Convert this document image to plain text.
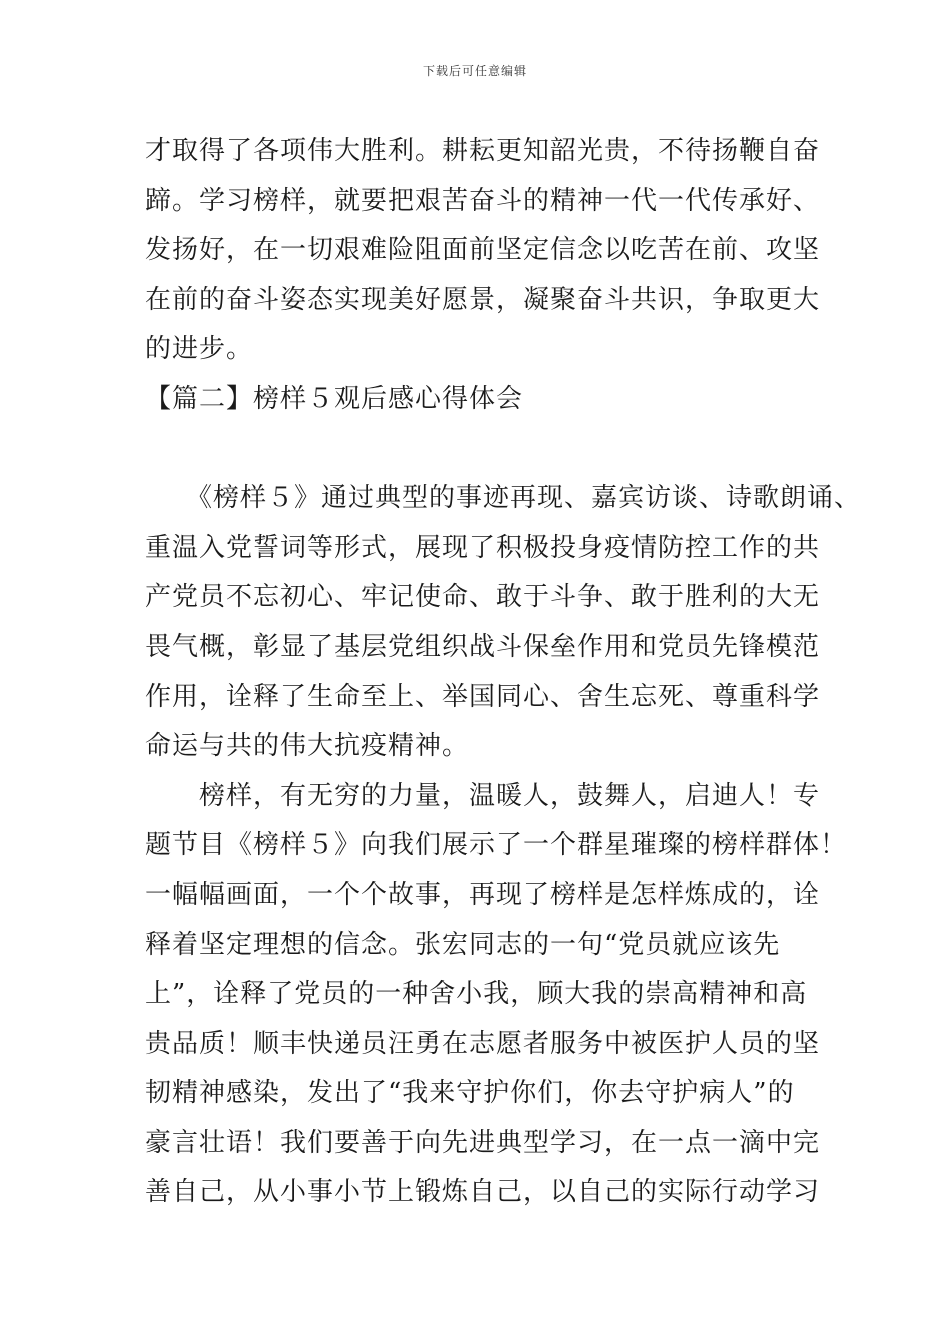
下载后可任意编辑
才取得了各项伟大胜利。耕耘更知韶光贵，不待扬鞭自奋
蹄。学习榜样，就要把艰苦奋斗的精神一代一代传承好、
发扬好，在一切艰难险阻面前坚定信念以吃苦在前、攻坚
在前的奋斗姿态实现美好愿景，凝聚奋斗共识，争取更大
的进步。
【篇二】榜样５观后感心得体会
　　《榜样５》通过典型的事迹再现、嘉宾访谈、诗歌朗诵、
重温入党誓词等形式，展现了积极投身疫情防控工作的共
产党员不忘初心、牢记使命、敢于斗争、敢于胜利的大无
畏气概，彰显了基层党组织战斗保垒作用和党员先锋模范
作用，诠释了生命至上、举国同心、舍生忘死、尊重科学
命运与共的伟大抗疫精神。
　　榜样，有无穷的力量，温暖人，鼓舞人，启迪人！专
题节目《榜样５》向我们展示了一个群星璀璨的榜样群体！
一幅幅画面，一个个故事，再现了榜样是怎样炼成的，诠
释着坚定理想的信念。张宏同志的一句“党员就应该先
上”，诠释了党员的一种舍小我，顾大我的崇高精神和高
贵品质！顺丰快递员汪勇在志愿者服务中被医护人员的坚
韧精神感染，发出了“我来守护你们，你去守护病人”的
豪言壮语！我们要善于向先进典型学习，在一点一滴中完
善自己，从小事小节上锻炼自己，以自己的实际行动学习
